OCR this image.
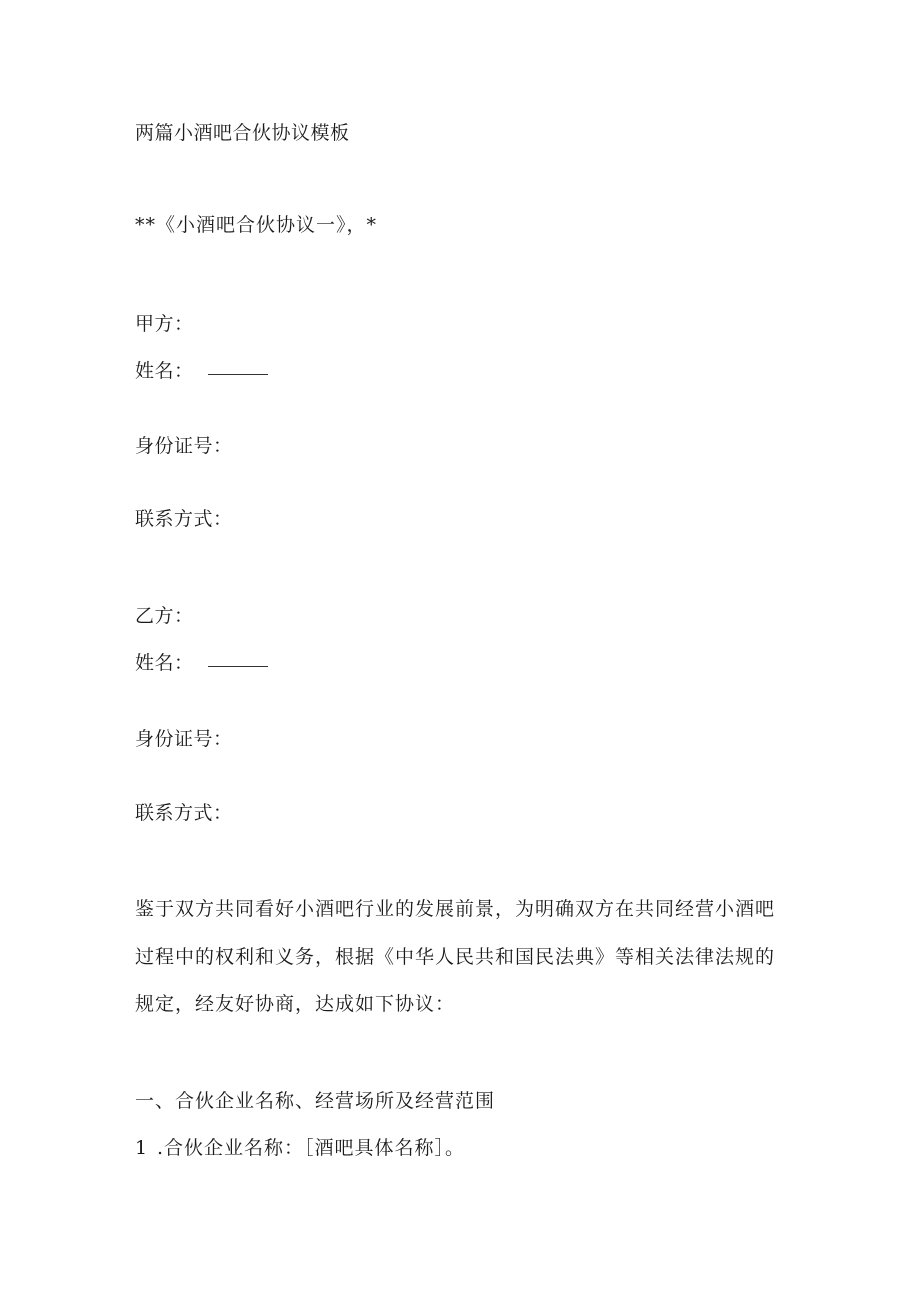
两篇小酒吧合伙协议模板
**《小酒吧合伙协议一》，*
甲方：
姓名：
身份证号：
联系方式：
乙方：
姓名：
身份证号：
联系方式：
鉴于双方共同看好小酒吧行业的发展前景，为明确双方在共同经营小酒吧
过程中的权利和义务，根据《中华人民共和国民法典》等相关法律法规的
规定，经友好协商，达成如下协议：
一、合伙企业名称、经营场所及经营范围
1 .合伙企业名称：［酒吧具体名称］。
